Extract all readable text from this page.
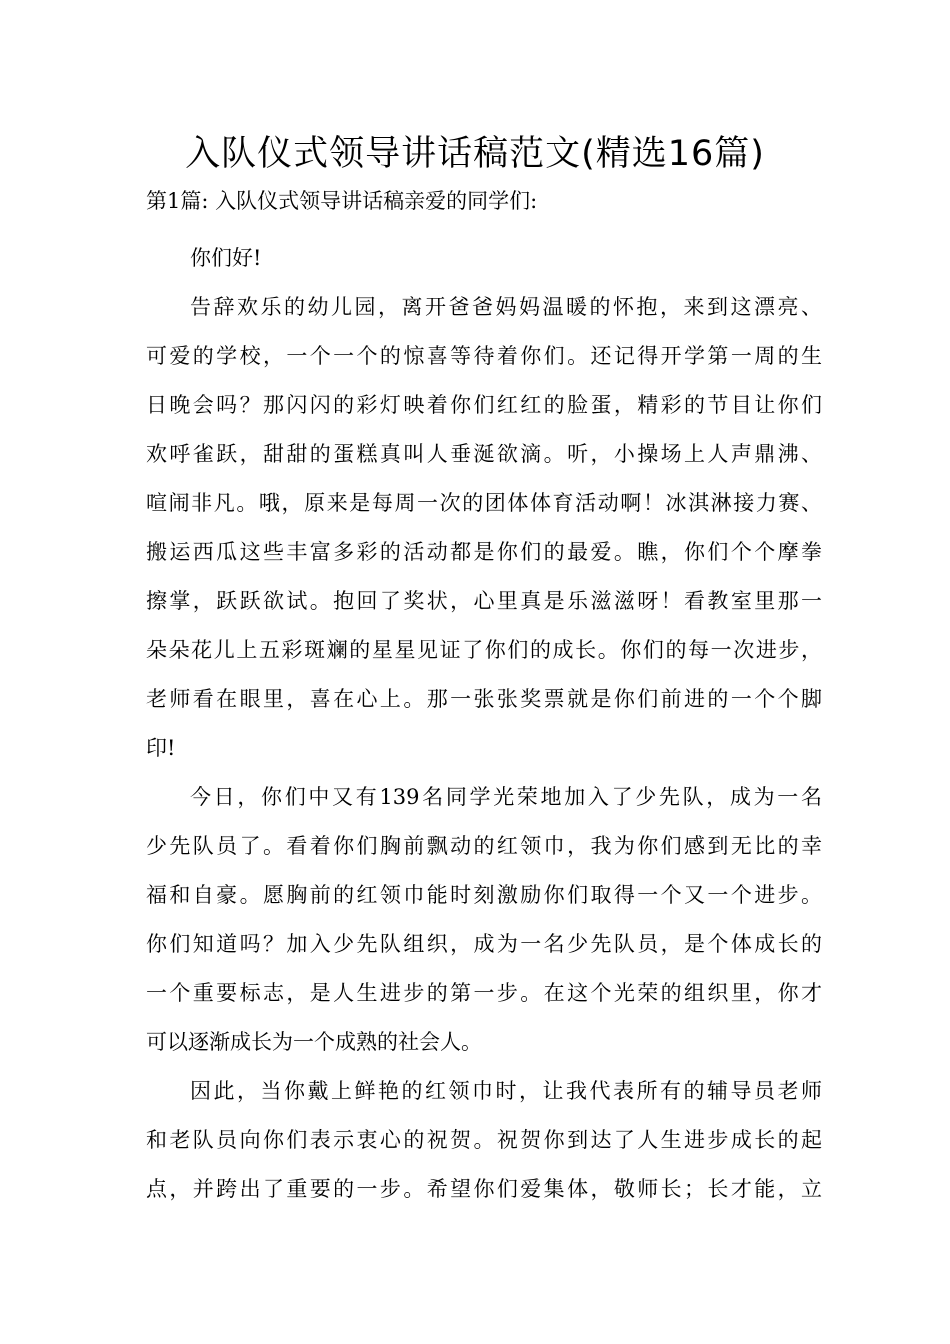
入队仪式领导讲话稿范文(精选16篇)
第1篇: 入队仪式领导讲话稿亲爱的同学们:
你们好!
告辞欢乐的幼儿园，离开爸爸妈妈温暖的怀抱，来到这漂亮、
可爱的学校，一个一个的惊喜等待着你们。还记得开学第一周的生
日晚会吗？那闪闪的彩灯映着你们红红的脸蛋，精彩的节目让你们
欢呼雀跃，甜甜的蛋糕真叫人垂涎欲滴。听，小操场上人声鼎沸、
喧闹非凡。哦，原来是每周一次的团体体育活动啊！冰淇淋接力赛、
搬运西瓜这些丰富多彩的活动都是你们的最爱。瞧，你们个个摩拳
擦掌，跃跃欲试。抱回了奖状，心里真是乐滋滋呀！看教室里那一
朵朵花儿上五彩斑斓的星星见证了你们的成长。你们的每一次进步，
老师看在眼里，喜在心上。那一张张奖票就是你们前进的一个个脚
印!
今日，你们中又有139名同学光荣地加入了少先队，成为一名
少先队员了。看着你们胸前飘动的红领巾，我为你们感到无比的幸
福和自豪。愿胸前的红领巾能时刻激励你们取得一个又一个进步。
你们知道吗？加入少先队组织，成为一名少先队员，是个体成长的
一个重要标志，是人生进步的第一步。在这个光荣的组织里，你才
可以逐渐成长为一个成熟的社会人。
因此，当你戴上鲜艳的红领巾时，让我代表所有的辅导员老师
和老队员向你们表示衷心的祝贺。祝贺你到达了人生进步成长的起
点，并跨出了重要的一步。希望你们爱集体，敬师长；长才能，立
